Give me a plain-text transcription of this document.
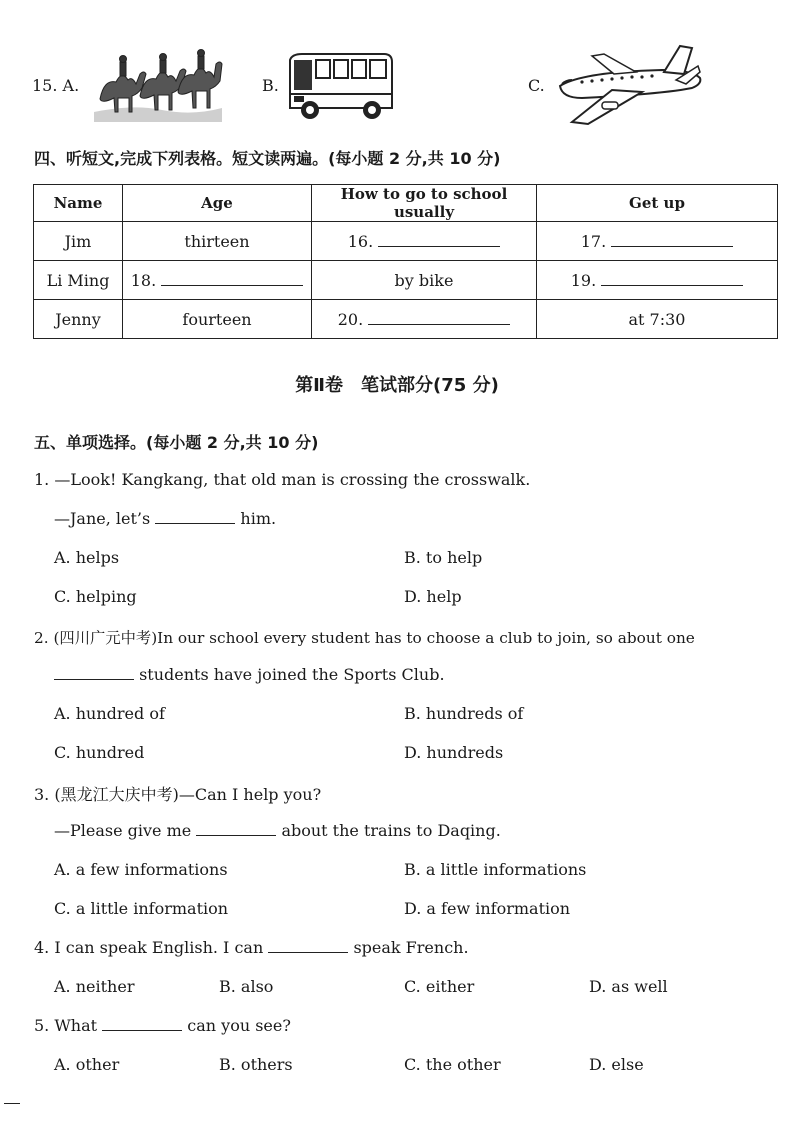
15. A.	B.	C.
四、听短文,完成下列表格。短文读两遍。(每小题 2 分,共 10 分)
Name	Age	How to go to school usually	Get up
Jim	thirteen	16.	17.
Li Ming	18.	by bike	19.
Jenny	fourteen	20.	at 7:30
第Ⅱ卷　笔试部分(75 分)
五、单项选择。(每小题 2 分,共 10 分)
1. —Look! Kangkang, that old man is crossing the crosswalk.
—Jane, let’s	him.
A. helps	B. to help
C. helping	D. help
2. (四川广元中考)In our school every student has to choose a club to join, so about one
students have joined the Sports Club.
A. hundred of	B. hundreds of
C. hundred	D. hundreds
3. (黑龙江大庆中考)—Can I help you?
—Please give me	about the trains to Daqing.
A. a few informations	B. a little informations
C. a little information	D. a few information
4. I can speak English. I can	speak French.
A. neither	B. also	C. either	D. as well
5. What	can you see?
A. other	B. others	C. the other	D. else
